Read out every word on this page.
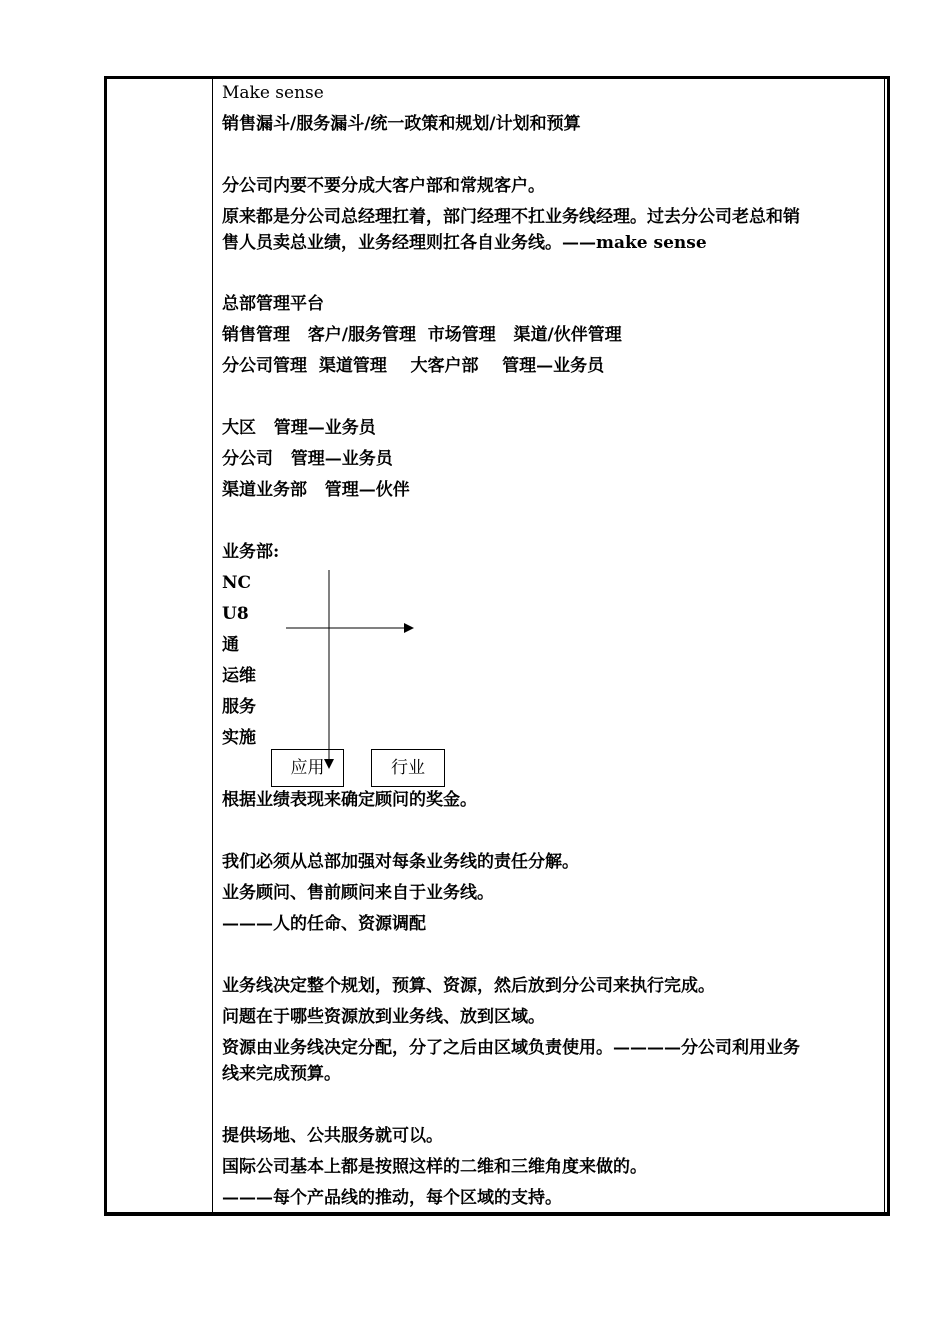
Make sense
销售漏斗/服务漏斗/统一政策和规划/计划和预算
分公司内要不要分成大客户部和常规客户。
原来都是分公司总经理扛着，部门经理不扛业务线经理。过去分公司老总和销
售人员卖总业绩，业务经理则扛各自业务线。——make sense
总部管理平台
销售管理   客户/服务管理  市场管理   渠道/伙伴管理
分公司管理  渠道管理    大客户部    管理—业务员
大区   管理—业务员
分公司   管理—业务员
渠道业务部   管理—伙伴
业务部:
NC
U8
通
运维
服务
实施
应用	行业
根据业绩表现来确定顾问的奖金。
我们必须从总部加强对每条业务线的责任分解。
业务顾问、售前顾问来自于业务线。
———人的任命、资源调配
业务线决定整个规划，预算、资源，然后放到分公司来执行完成。
问题在于哪些资源放到业务线、放到区域。
资源由业务线决定分配，分了之后由区域负责使用。————分公司利用业务
线来完成预算。
提供场地、公共服务就可以。
国际公司基本上都是按照这样的二维和三维角度来做的。
———每个产品线的推动，每个区域的支持。
